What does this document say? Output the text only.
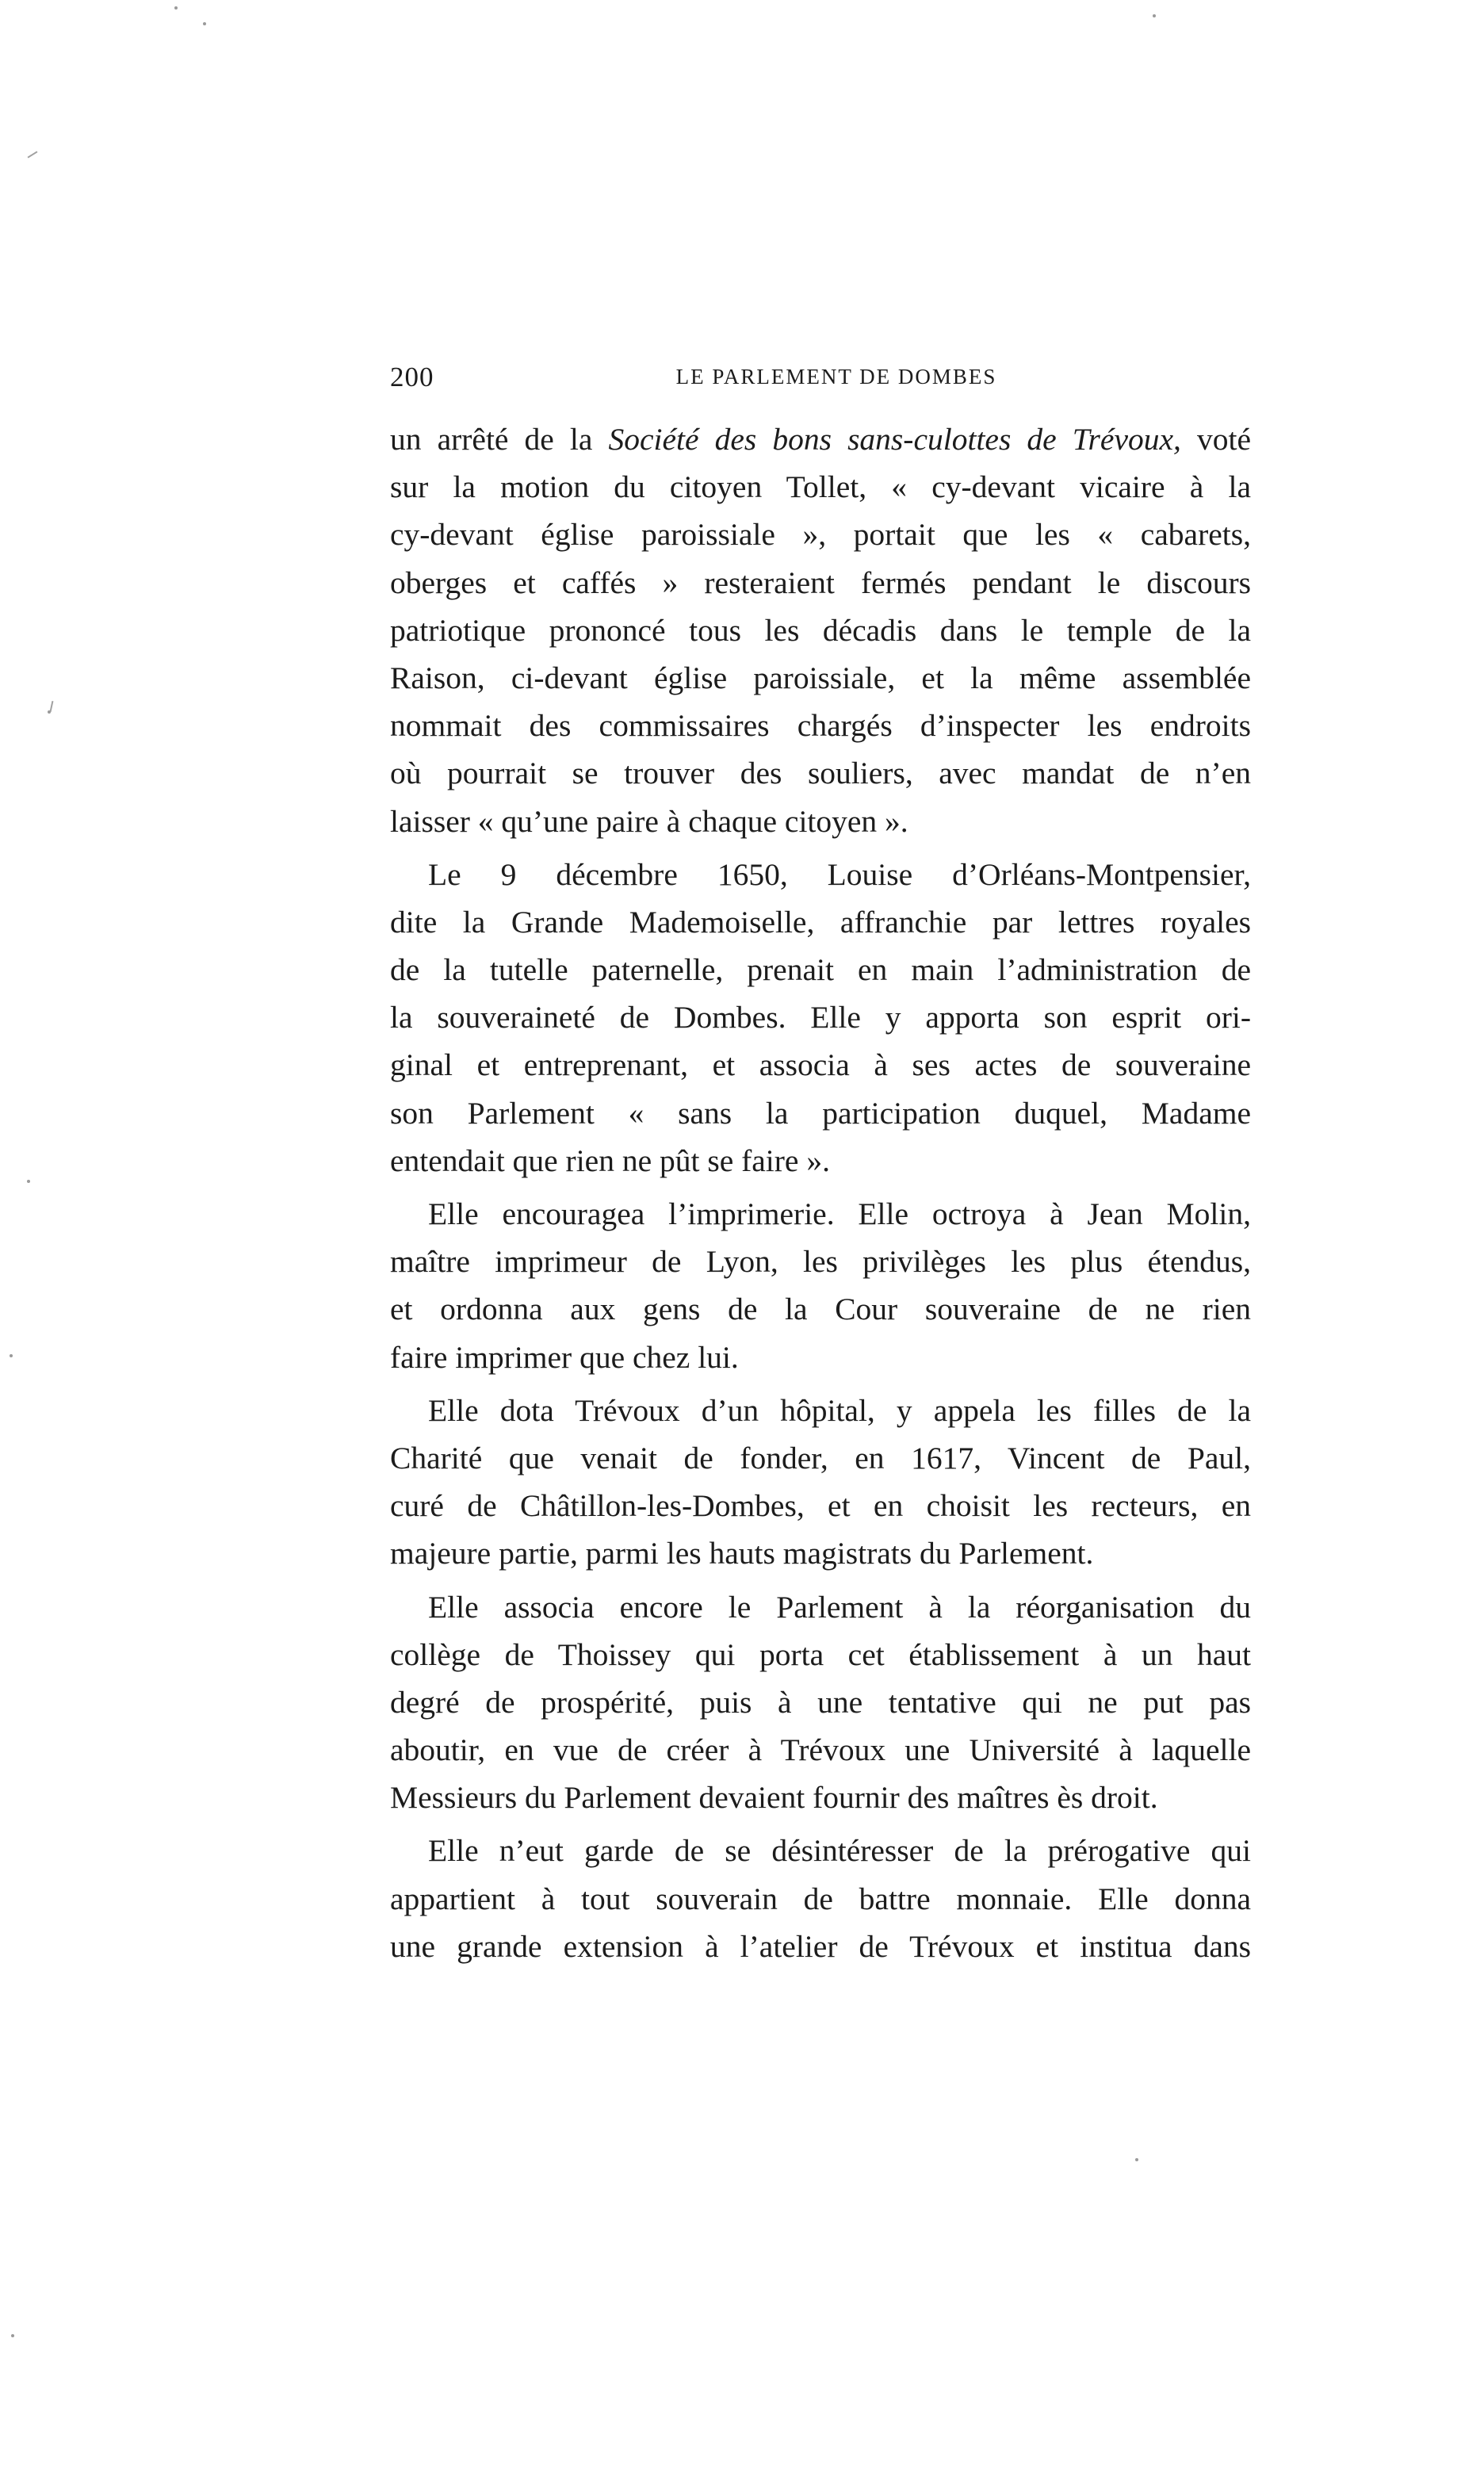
200	LE PARLEMENT DE DOMBES
un arrêté de la Société des bons sans-culottes de Trévoux, voté
sur la motion du citoyen Tollet, « cy-devant vicaire à la
cy-devant église paroissiale », portait que les « cabarets,
oberges et caffés » resteraient fermés pendant le discours
patriotique prononcé tous les décadis dans le temple de la
Raison, ci-devant église paroissiale, et la même assemblée
nommait des commissaires chargés d’inspecter les endroits
où pourrait se trouver des souliers, avec mandat de n’en
laisser « qu’une paire à chaque citoyen ».
Le 9 décembre 1650, Louise d’Orléans-Montpensier,
dite la Grande Mademoiselle, affranchie par lettres royales
de la tutelle paternelle, prenait en main l’administration de
la souveraineté de Dombes. Elle y apporta son esprit ori-
ginal et entreprenant, et associa à ses actes de souveraine
son Parlement « sans la participation duquel, Madame
entendait que rien ne pût se faire ».
Elle encouragea l’imprimerie. Elle octroya à Jean Molin,
maître imprimeur de Lyon, les privilèges les plus étendus,
et ordonna aux gens de la Cour souveraine de ne rien
faire imprimer que chez lui.
Elle dota Trévoux d’un hôpital, y appela les filles de la
Charité que venait de fonder, en 1617, Vincent de Paul,
curé de Châtillon-les-Dombes, et en choisit les recteurs, en
majeure partie, parmi les hauts magistrats du Parlement.
Elle associa encore le Parlement à la réorganisation du
collège de Thoissey qui porta cet établissement à un haut
degré de prospérité, puis à une tentative qui ne put pas
aboutir, en vue de créer à Trévoux une Université à laquelle
Messieurs du Parlement devaient fournir des maîtres ès droit.
Elle n’eut garde de se désintéresser de la prérogative qui
appartient à tout souverain de battre monnaie. Elle donna
une grande extension à l’atelier de Trévoux et institua dans
